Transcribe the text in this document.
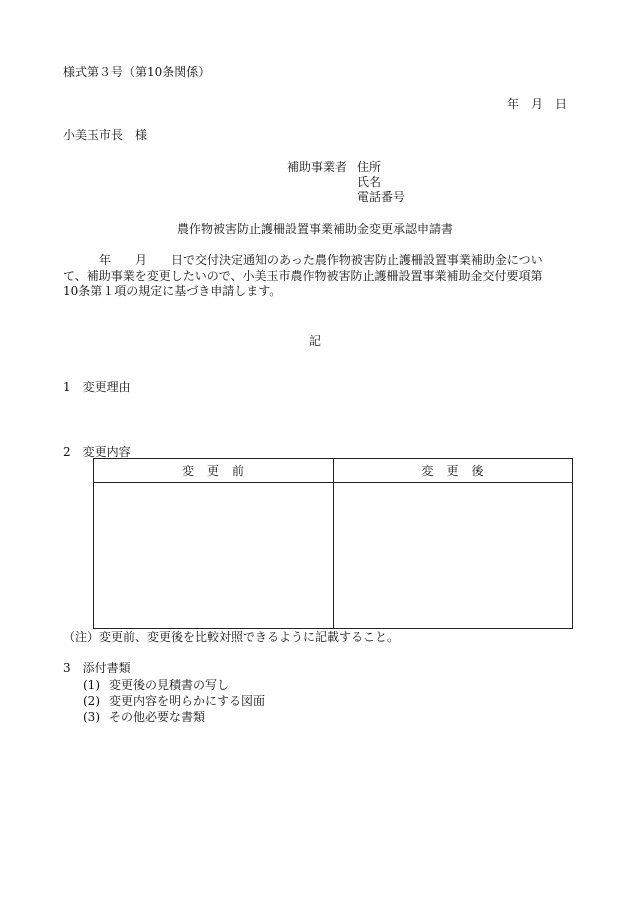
様式第３号（第10条関係）
年　月　日
小美玉市長　様
補助事業者 住所
氏名
電話番号
農作物被害防止護柵設置事業補助金変更承認申請書
　　　年　　月　　日で交付決定通知のあった農作物被害防止護柵設置事業補助金につい
て、補助事業を変更したいので、小美玉市農作物被害防止護柵設置事業補助金交付要項第
10条第１項の規定に基づき申請します。
記
1　変更理由
2　変更内容
変　更　前	変　更　後

（注）変更前、変更後を比較対照できるように記載すること。
3　添付書類
(1) 変更後の見積書の写し
(2) 変更内容を明らかにする図面
(3) その他必要な書類
